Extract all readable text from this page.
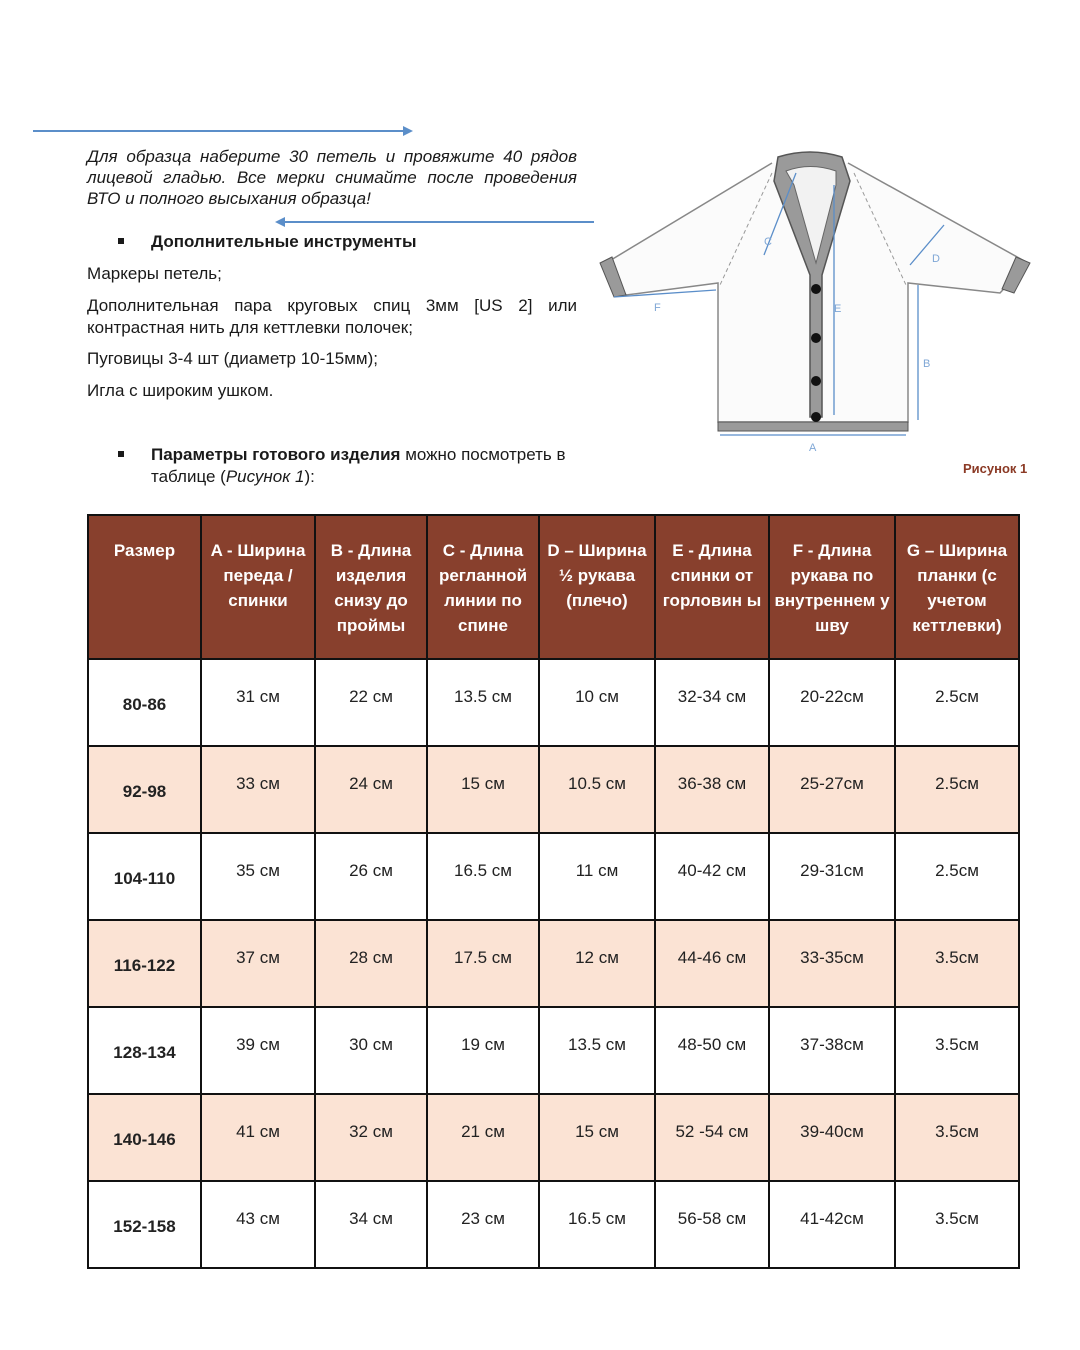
Для образца наберите 30 петель и провяжите 40 рядов лицевой гладью. Все мерки снимайте после проведения ВТО и полного высыхания образца!

Дополнительные инструменты

Маркеры петель;

Дополнительная пара круговых спиц 3мм [US 2] или контрастная нить для кеттлевки полочек;

Пуговицы 3-4 шт (диаметр 10-15мм);

Игла с широким ушком.

Параметры готового изделия можно посмотреть в таблице (Рисунок 1):
A
B
C
D
E
F
Рисунок 1
Размер	A - Ширина переда /спинки	B - Длина изделия снизу до проймы	C - Длина регланной линии по спине	D – Ширина ½ рукава (плечо)	E - Длина спинки от горловин ы	F - Длина рукава по внутреннем у шву	G – Ширина планки (с учетом кеттлевки)

80-86	31 см	22 см	13.5 см	10 см	32-34 см	20-22см	2.5см
92-98	33 см	24 см	15 см	10.5 см	36-38 см	25-27см	2.5см
104-110	35 см	26 см	16.5 см	11 см	40-42 см	29-31см	2.5см
116-122	37 см	28 см	17.5 см	12 см	44-46 см	33-35см	3.5см
128-134	39 см	30 см	19 см	13.5 см	48-50 см	37-38см	3.5см
140-146	41 см	32 см	21 см	15 см	52 -54 см	39-40см	3.5см
152-158	43 см	34 см	23 см	16.5 см	56-58 см	41-42см	3.5см
